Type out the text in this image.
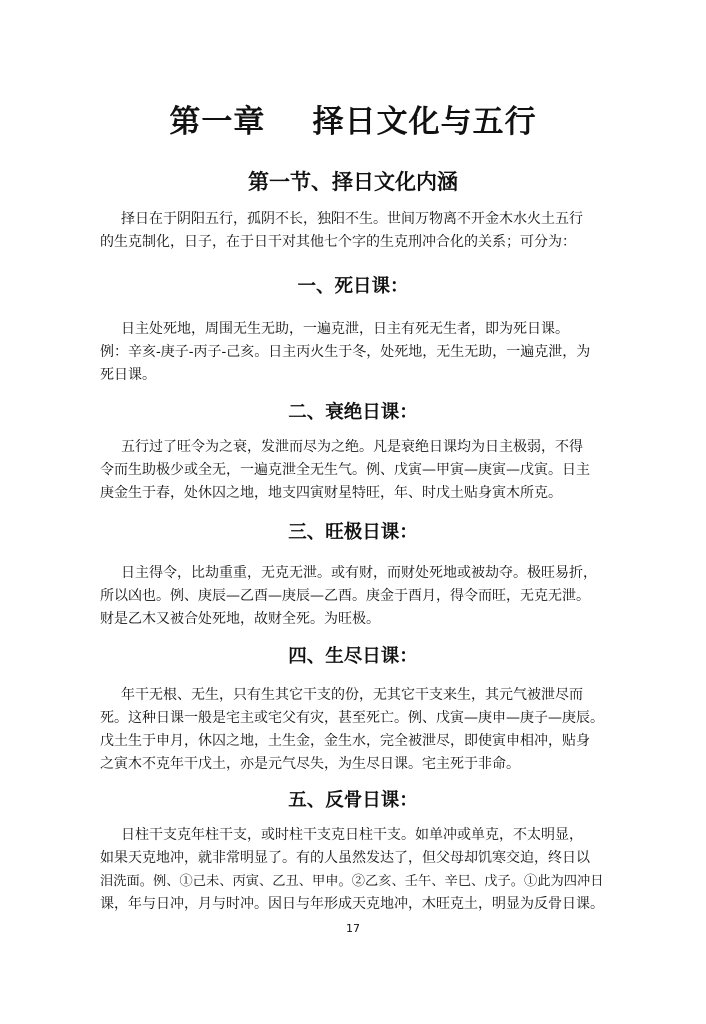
第一章    择日文化与五行
第一节、择日文化内涵
择日在于阴阳五行，孤阴不长，独阳不生。世间万物离不开金木水火土五行
的生克制化，日子，在于日干对其他七个字的生克刑冲合化的关系；可分为：
一、死日课：
日主处死地，周围无生无助，一遍克泄，日主有死无生者，即为死日课。
例：辛亥-庚子-丙子-己亥。日主丙火生于冬，处死地，无生无助，一遍克泄，为
死日课。
二、衰绝日课：
五行过了旺令为之衰，发泄而尽为之绝。凡是衰绝日课均为日主极弱，不得
令而生助极少或全无，一遍克泄全无生气。例、戊寅—甲寅—庚寅—戊寅。日主
庚金生于春，处休囚之地，地支四寅财星特旺，年、时戊土贴身寅木所克。
三、旺极日课：
日主得令，比劫重重，无克无泄。或有财，而财处死地或被劫夺。极旺易折，
所以凶也。例、庚辰—乙酉—庚辰—乙酉。庚金于酉月，得令而旺，无克无泄。
财是乙木又被合处死地，故财全死。为旺极。
四、生尽日课：
年干无根、无生，只有生其它干支的份，无其它干支来生，其元气被泄尽而
死。这种日课一般是宅主或宅父有灾，甚至死亡。例、戊寅—庚申—庚子—庚辰。
戊土生于申月，休囚之地，土生金，金生水，完全被泄尽，即使寅申相冲，贴身
之寅木不克年干戊土，亦是元气尽失，为生尽日课。宅主死于非命。
五、反骨日课：
日柱干支克年柱干支，或时柱干支克日柱干支。如单冲或单克，不太明显，
如果天克地冲，就非常明显了。有的人虽然发达了，但父母却饥寒交迫，终日以
泪洗面。例、①己未、丙寅、乙丑、甲申。②乙亥、壬午、辛巳、戊子。①此为四冲日
课，年与日冲，月与时冲。因日与年形成天克地冲，木旺克土，明显为反骨日课。
17
